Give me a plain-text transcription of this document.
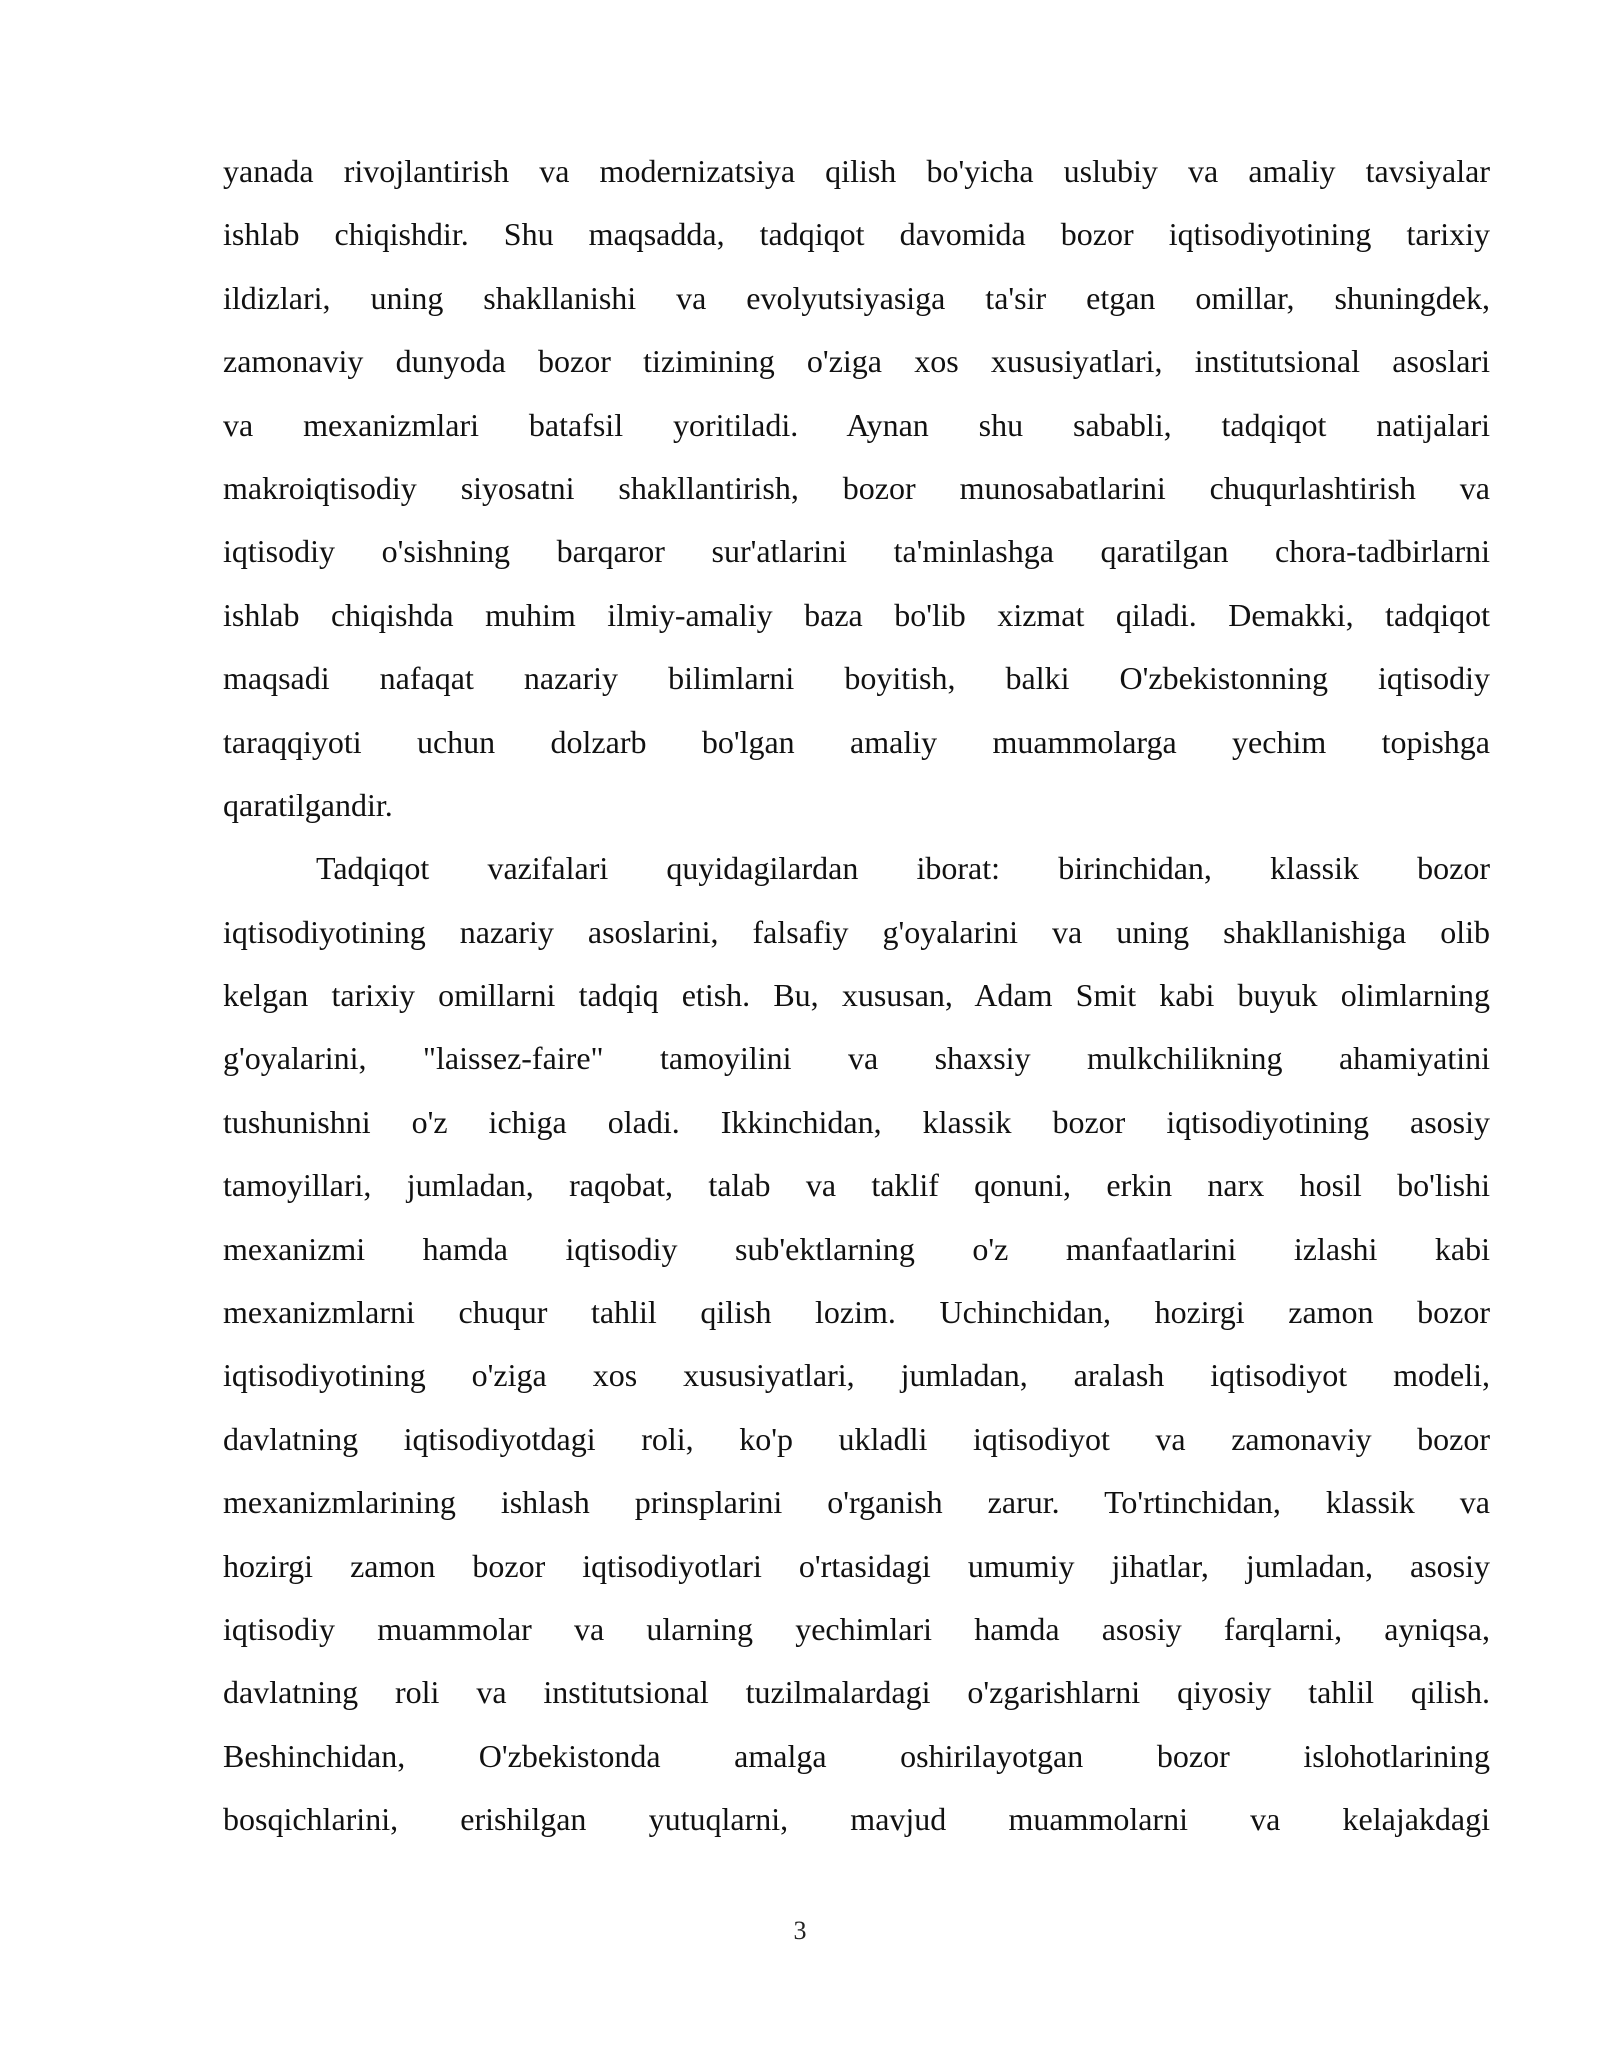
yanada rivojlantirish va modernizatsiya qilish bo'yicha uslubiy va amaliy tavsiyalar
ishlab chiqishdir. Shu maqsadda, tadqiqot davomida bozor iqtisodiyotining tarixiy
ildizlari, uning shakllanishi va evolyutsiyasiga ta'sir etgan omillar, shuningdek,
zamonaviy dunyoda bozor tizimining o'ziga xos xususiyatlari, institutsional asoslari
va mexanizmlari batafsil yoritiladi. Aynan shu sababli, tadqiqot natijalari
makroiqtisodiy siyosatni shakllantirish, bozor munosabatlarini chuqurlashtirish va
iqtisodiy o'sishning barqaror sur'atlarini ta'minlashga qaratilgan chora-tadbirlarni
ishlab chiqishda muhim ilmiy-amaliy baza bo'lib xizmat qiladi. Demakki, tadqiqot
maqsadi nafaqat nazariy bilimlarni boyitish, balki O'zbekistonning iqtisodiy
taraqqiyoti uchun dolzarb bo'lgan amaliy muammolarga yechim topishga
qaratilgandir.
Tadqiqot vazifalari quyidagilardan iborat: birinchidan, klassik bozor
iqtisodiyotining nazariy asoslarini, falsafiy g'oyalarini va uning shakllanishiga olib
kelgan tarixiy omillarni tadqiq etish. Bu, xususan, Adam Smit kabi buyuk olimlarning
g'oyalarini, "laissez-faire" tamoyilini va shaxsiy mulkchilikning ahamiyatini
tushunishni o'z ichiga oladi. Ikkinchidan, klassik bozor iqtisodiyotining asosiy
tamoyillari, jumladan, raqobat, talab va taklif qonuni, erkin narx hosil bo'lishi
mexanizmi hamda iqtisodiy sub'ektlarning o'z manfaatlarini izlashi kabi
mexanizmlarni chuqur tahlil qilish lozim. Uchinchidan, hozirgi zamon bozor
iqtisodiyotining o'ziga xos xususiyatlari, jumladan, aralash iqtisodiyot modeli,
davlatning iqtisodiyotdagi roli, ko'p ukladli iqtisodiyot va zamonaviy bozor
mexanizmlarining ishlash prinsplarini o'rganish zarur. To'rtinchidan, klassik va
hozirgi zamon bozor iqtisodiyotlari o'rtasidagi umumiy jihatlar, jumladan, asosiy
iqtisodiy muammolar va ularning yechimlari hamda asosiy farqlarni, ayniqsa,
davlatning roli va institutsional tuzilmalardagi o'zgarishlarni qiyosiy tahlil qilish.
Beshinchidan, O'zbekistonda amalga oshirilayotgan bozor islohotlarining
bosqichlarini, erishilgan yutuqlarni, mavjud muammolarni va kelajakdagi
3
